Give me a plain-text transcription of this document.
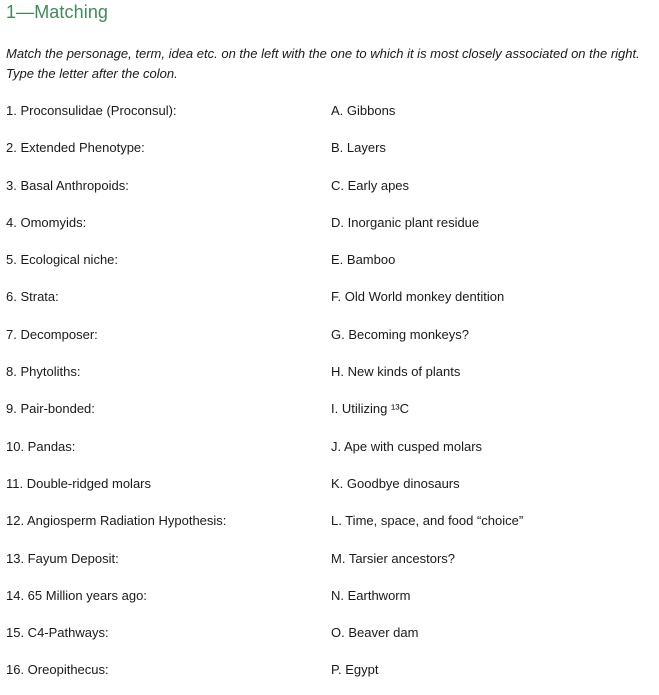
1—Matching
Match the personage, term, idea etc. on the left with the one to which it is most closely associated on the right. Type the letter after the colon.
1. Proconsulidae (Proconsul):	A. Gibbons
2. Extended Phenotype:	B. Layers
3. Basal Anthropoids:	C. Early apes
4. Omomyids:	D. Inorganic plant residue
5. Ecological niche:	E. Bamboo
6. Strata:	F. Old World monkey dentition
7. Decomposer:	G. Becoming monkeys?
8. Phytoliths:	H. New kinds of plants
9. Pair-bonded:	I. Utilizing ¹³C
10. Pandas:	J. Ape with cusped molars
11. Double-ridged molars	K. Goodbye dinosaurs
12. Angiosperm Radiation Hypothesis:	L. Time, space, and food “choice”
13. Fayum Deposit:	M. Tarsier ancestors?
14. 65 Million years ago:	N. Earthworm
15. C4-Pathways:	O. Beaver dam
16. Oreopithecus:	P. Egypt
